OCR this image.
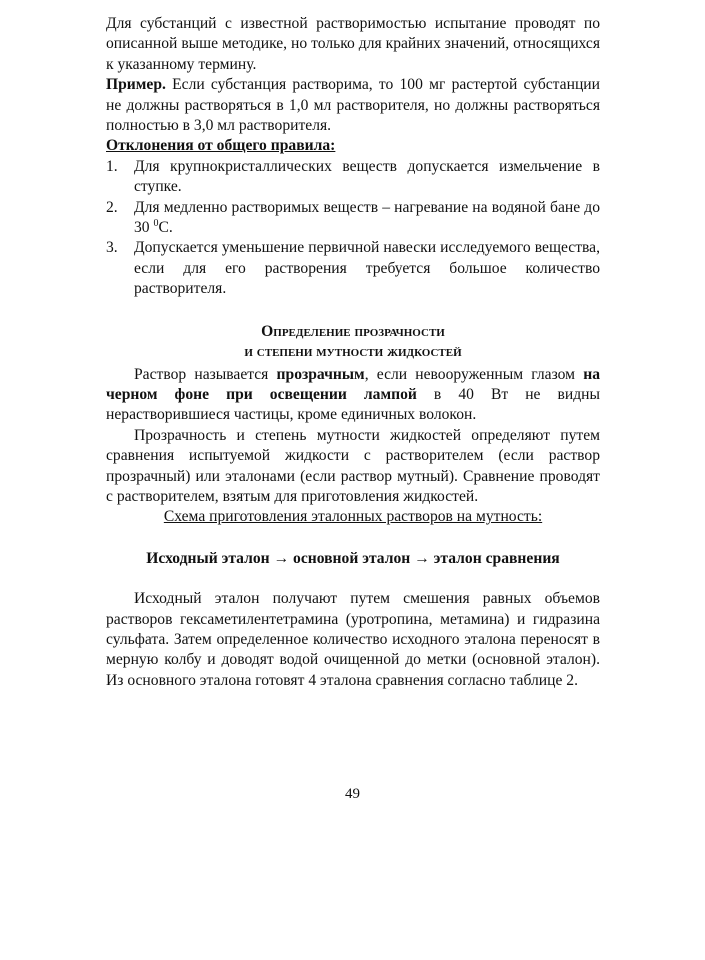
Для субстанций с известной растворимостью испытание проводят по описанной выше методике, но только для крайних значений, относящихся к указанному термину.

Пример. Если субстанция растворима, то 100 мг растертой субстанции не должны растворяться в 1,0 мл растворителя, но должны растворяться полностью в 3,0 мл растворителя.

Отклонения от общего правила:

1. Для крупнокристаллических веществ допускается измельчение в ступке.
2. Для медленно растворимых веществ – нагревание на водяной бане до 30 $^0$С.
3. Допускается уменьшение первичной навески исследуемого вещества, если для его растворения требуется большое количество растворителя.
Определение прозрачности
и степени мутности жидкостей

Раствор называется прозрачным, если невооруженным глазом на черном фоне при освещении лампой в 40 Вт не видны нерастворившиеся частицы, кроме единичных волокон.

Прозрачность и степень мутности жидкостей определяют путем сравнения испытуемой жидкости с растворителем (если раствор прозрачный) или эталонами (если раствор мутный). Сравнение проводят с растворителем, взятым для приготовления жидкостей.

Схема приготовления эталонных растворов на мутность:

Исходный эталон → основной эталон → эталон сравнения

Исходный эталон получают путем смешения равных объемов растворов гексаметилентетрамина (уротропина, метамина) и гидразина сульфата. Затем определенное количество исходного эталона переносят в мерную колбу и доводят водой очищенной до метки (основной эталон). Из основного эталона готовят 4 эталона сравнения согласно таблице 2.

49
